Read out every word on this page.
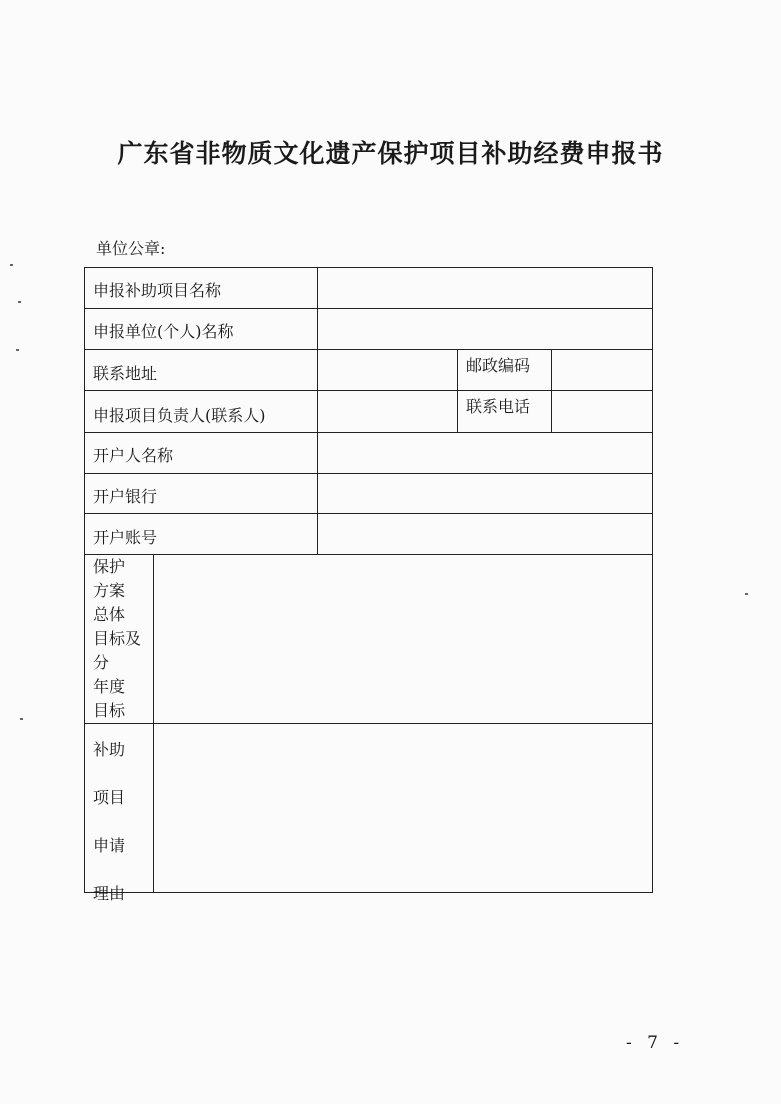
广东省非物质文化遗产保护项目补助经费申报书
单位公章:
申报补助项目名称
申报单位(个人)名称
联系地址	邮政编码
申报项目负责人(联系人)	联系电话
开户人名称
开户银行
开户账号
保护
方案
总体
目标及
分
年度
目标
补助
项目
申请
理由
- 7 -
